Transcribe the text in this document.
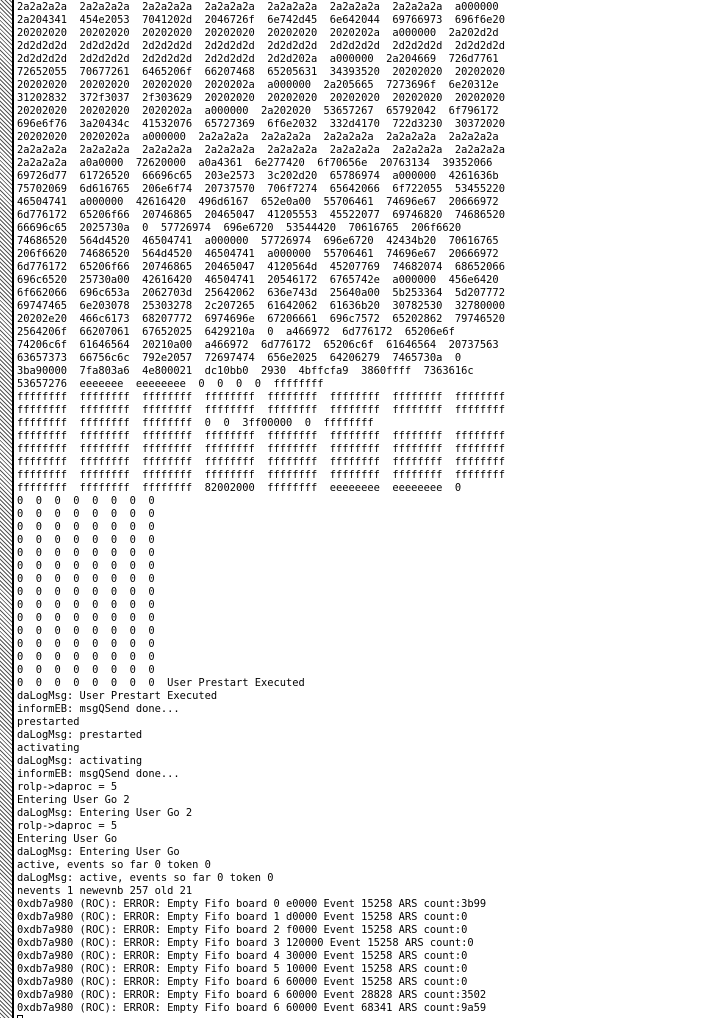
2a2a2a2a  2a2a2a2a  2a2a2a2a  2a2a2a2a  2a2a2a2a  2a2a2a2a  2a2a2a2a  a000000
2a204341  454e2053  7041202d  2046726f  6e742d45  6e642044  69766973  696f6e20
20202020  20202020  20202020  20202020  20202020  2020202a  a000000  2a202d2d
2d2d2d2d  2d2d2d2d  2d2d2d2d  2d2d2d2d  2d2d2d2d  2d2d2d2d  2d2d2d2d  2d2d2d2d
2d2d2d2d  2d2d2d2d  2d2d2d2d  2d2d2d2d  2d2d202a  a000000  2a204669  726d7761
72652055  70677261  6465206f  66207468  65205631  34393520  20202020  20202020
20202020  20202020  20202020  2020202a  a000000  2a205665  7273696f  6e20312e
31202832  372f3037  2f303629  20202020  20202020  20202020  20202020  20202020
20202020  20202020  2020202a  a000000  2a202020  53657267  65792042  6f796172
696e6f76  3a20434c  41532076  65727369  6f6e2032  332d4170  722d3230  30372020
20202020  2020202a  a000000  2a2a2a2a  2a2a2a2a  2a2a2a2a  2a2a2a2a  2a2a2a2a
2a2a2a2a  2a2a2a2a  2a2a2a2a  2a2a2a2a  2a2a2a2a  2a2a2a2a  2a2a2a2a  2a2a2a2a
2a2a2a2a  a0a0000  72620000  a0a4361  6e277420  6f70656e  20763134  39352066
69726d77  61726520  66696c65  203e2573  3c202d20  65786974  a000000  4261636b
75702069  6d616765  206e6f74  20737570  706f7274  65642066  6f722055  53455220
46504741  a000000  42616420  496d6167  652e0a00  55706461  74696e67  20666972
6d776172  65206f66  20746865  20465047  41205553  45522077  69746820  74686520
66696c65  2025730a  0  57726974  696e6720  53544420  70616765  206f6620
74686520  564d4520  46504741  a000000  57726974  696e6720  42434b20  70616765
206f6620  74686520  564d4520  46504741  a000000  55706461  74696e67  20666972
6d776172  65206f66  20746865  20465047  4120564d  45207769  74682074  68652066
696c6520  25730a00  42616420  46504741  20546172  6765742e  a000000  456e6420
6f662066  696c653a  2062703d  25642062  636e743d  25640a00  5b253364  5d207772
69747465  6e203078  25303278  2c207265  61642062  61636b20  30782530  32780000
20202e20  466c6173  68207772  6974696e  67206661  696c7572  65202862  79746520
2564206f  66207061  67652025  6429210a  0  a466972  6d776172  65206e6f
74206c6f  61646564  20210a00  a466972  6d776172  65206c6f  61646564  20737563
63657373  66756c6c  792e2057  72697474  656e2025  64206279  7465730a  0
3ba90000  7fa803a6  4e800021  dc10bb0  2930  4bffcfa9  3860ffff  7363616c
53657276  eeeeeee  eeeeeeee  0  0  0  0  ffffffff
ffffffff  ffffffff  ffffffff  ffffffff  ffffffff  ffffffff  ffffffff  ffffffff
ffffffff  ffffffff  ffffffff  ffffffff  ffffffff  ffffffff  ffffffff  ffffffff
ffffffff  ffffffff  ffffffff  0  0  3ff00000  0  ffffffff
ffffffff  ffffffff  ffffffff  ffffffff  ffffffff  ffffffff  ffffffff  ffffffff
ffffffff  ffffffff  ffffffff  ffffffff  ffffffff  ffffffff  ffffffff  ffffffff
ffffffff  ffffffff  ffffffff  ffffffff  ffffffff  ffffffff  ffffffff  ffffffff
ffffffff  ffffffff  ffffffff  ffffffff  ffffffff  ffffffff  ffffffff  ffffffff
ffffffff  ffffffff  ffffffff  82002000  ffffffff  eeeeeeee  eeeeeeee  0
0  0  0  0  0  0  0  0
0  0  0  0  0  0  0  0
0  0  0  0  0  0  0  0
0  0  0  0  0  0  0  0
0  0  0  0  0  0  0  0
0  0  0  0  0  0  0  0
0  0  0  0  0  0  0  0
0  0  0  0  0  0  0  0
0  0  0  0  0  0  0  0
0  0  0  0  0  0  0  0
0  0  0  0  0  0  0  0
0  0  0  0  0  0  0  0
0  0  0  0  0  0  0  0
0  0  0  0  0  0  0  0
0  0  0  0  0  0  0  0  User Prestart Executed
daLogMsg: User Prestart Executed
informEB: msgQSend done...
prestarted
daLogMsg: prestarted
activating
daLogMsg: activating
informEB: msgQSend done...
rolp->daproc = 5
Entering User Go 2
daLogMsg: Entering User Go 2
rolp->daproc = 5
Entering User Go
daLogMsg: Entering User Go
active, events so far 0 token 0
daLogMsg: active, events so far 0 token 0
nevents 1 newevnb 257 old 21
0xdb7a980 (ROC): ERROR: Empty Fifo board 0 e0000 Event 15258 ARS count:3b99
0xdb7a980 (ROC): ERROR: Empty Fifo board 1 d0000 Event 15258 ARS count:0
0xdb7a980 (ROC): ERROR: Empty Fifo board 2 f0000 Event 15258 ARS count:0
0xdb7a980 (ROC): ERROR: Empty Fifo board 3 120000 Event 15258 ARS count:0
0xdb7a980 (ROC): ERROR: Empty Fifo board 4 30000 Event 15258 ARS count:0
0xdb7a980 (ROC): ERROR: Empty Fifo board 5 10000 Event 15258 ARS count:0
0xdb7a980 (ROC): ERROR: Empty Fifo board 6 60000 Event 15258 ARS count:0
0xdb7a980 (ROC): ERROR: Empty Fifo board 6 60000 Event 28828 ARS count:3502
0xdb7a980 (ROC): ERROR: Empty Fifo board 6 60000 Event 68341 ARS count:9a59
